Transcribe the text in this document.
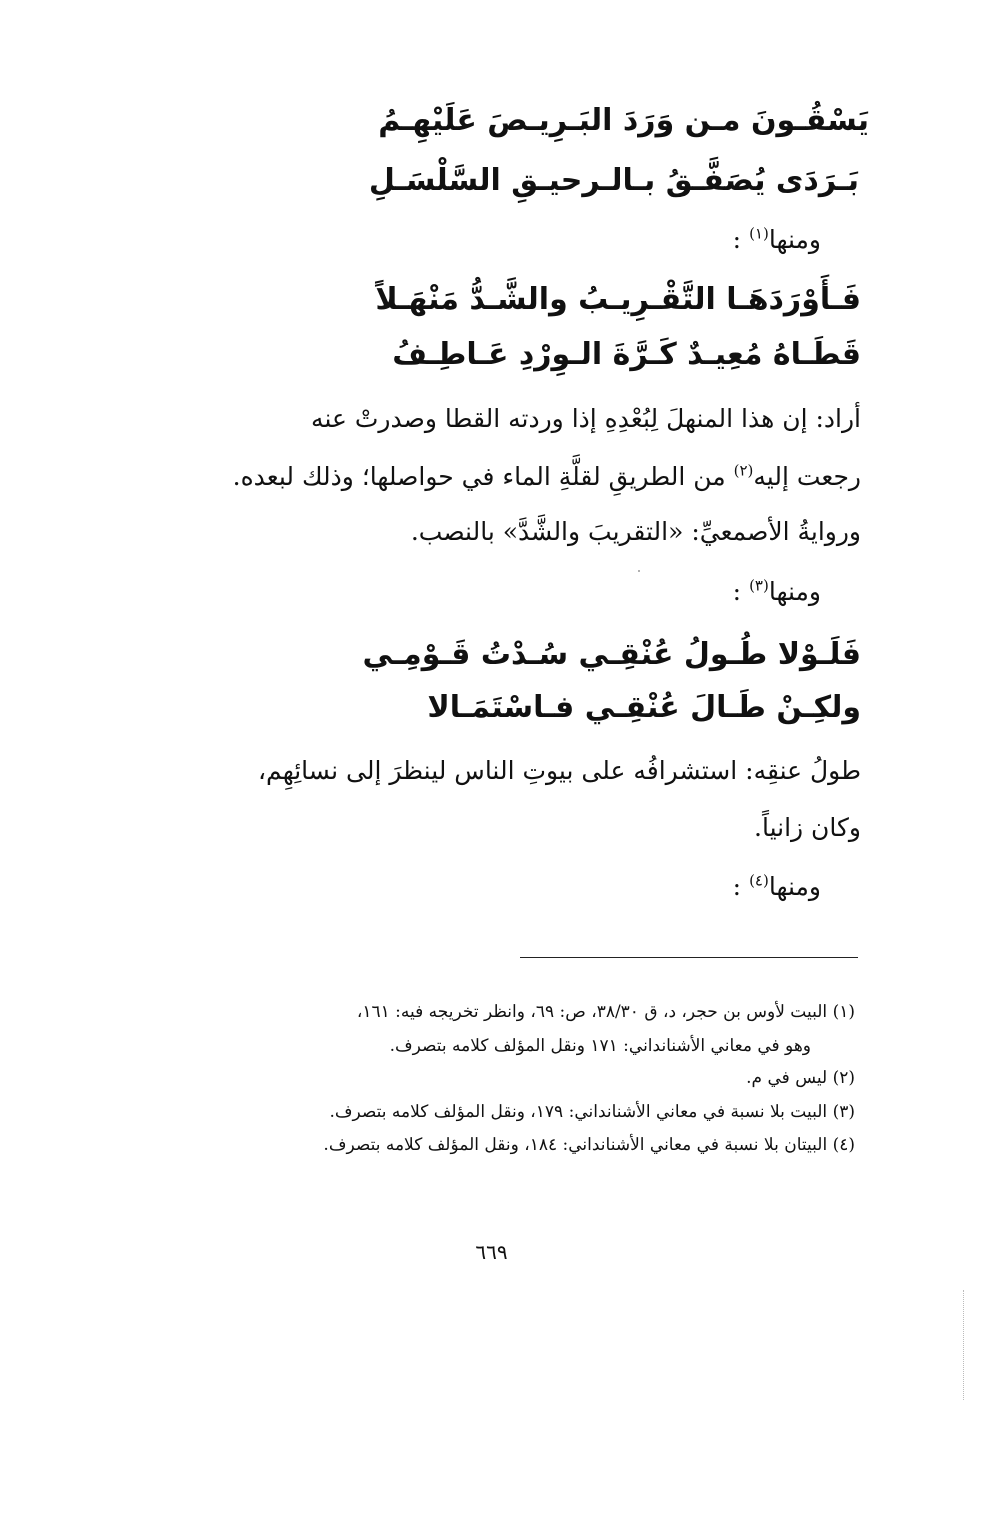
يَسْقُـونَ مـن وَرَدَ البَـرِيـصَ عَلَيْهِـمُ
بَـرَدَى يُصَفَّـقُ بـالـرحيـقِ السَّلْسَـلِ
ومنها$^{(١)}$ :
فَـأَوْرَدَهَـا التَّقْـرِيـبُ والشَّـدُّ مَنْهَـلاً
قَطَـاهُ مُعِيـدٌ كَـرَّةَ الـوِرْدِ عَـاطِـفُ
أراد: إن هذا المنهلَ لِبُعْدِهِ إذا وردته القطا وصدرتْ عنه
رجعت إليه$^{(٢)}$ من الطريقِ لقلَّةِ الماء في حواصلها؛ وذلك لبعده.
وروايةُ الأصمعيِّ: «التقريبَ والشَّدَّ» بالنصب.
ومنها$^{(٣)}$ :
فَلَـوْلا طُـولُ عُنْقِـي سُـدْتُ قَـوْمِـي
ولكِـنْ طَـالَ عُنْقِـي فـاسْتَمَـالا
طولُ عنقِه: استشرافُه على بيوتِ الناس لينظرَ إلى نسائِهِم،
وكان زانياً.
ومنها$^{(٤)}$ :
(١) البيت لأوس بن حجر، د، ق ٣٨/٣٠، ص: ٦٩، وانظر تخريجه فيه: ١٦١،
وهو في معاني الأشنانداني: ١٧١ ونقل المؤلف كلامه بتصرف.
(٢) ليس في م.
(٣) البيت بلا نسبة في معاني الأشنانداني: ١٧٩، ونقل المؤلف كلامه بتصرف.
(٤) البيتان بلا نسبة في معاني الأشنانداني: ١٨٤، ونقل المؤلف كلامه بتصرف.
٦٦٩
